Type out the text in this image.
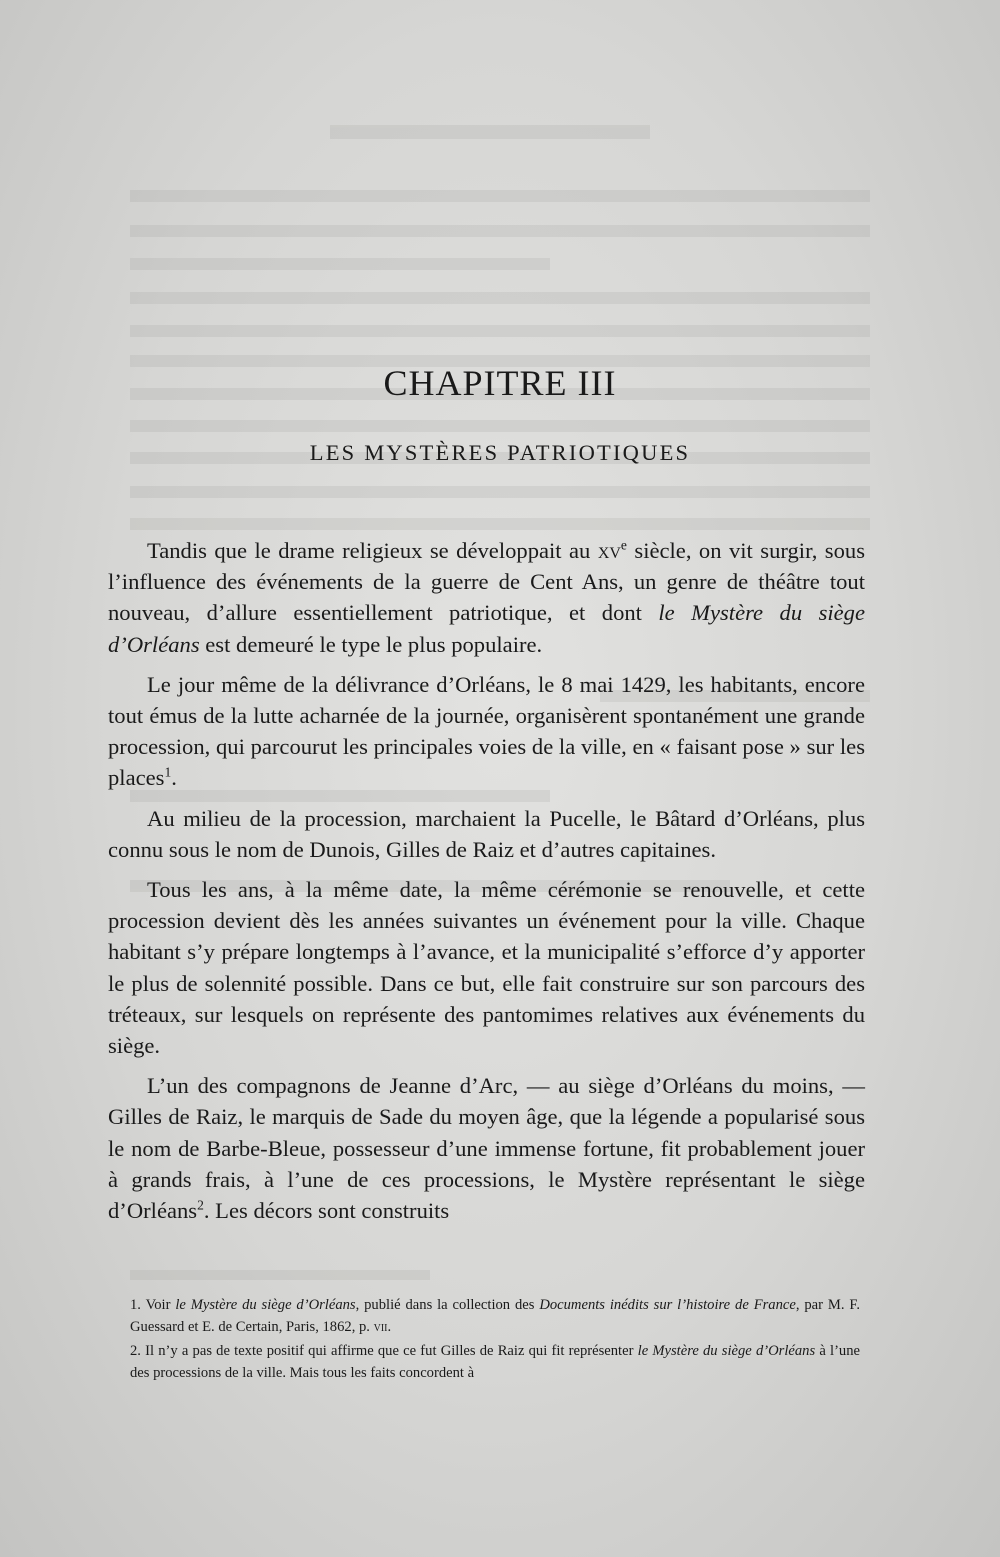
CHAPITRE III
LES MYSTÈRES PATRIOTIQUES

Tandis que le drame religieux se développait au $xv^e$ siècle, on vit surgir, sous l’influence des événements de la guerre de Cent Ans, un genre de théâtre tout nouveau, d’allure essentiellement patriotique, et dont le Mystère du siège d’Orléans est demeuré le type le plus populaire.

Le jour même de la délivrance d’Orléans, le 8 mai 1429, les habitants, encore tout émus de la lutte acharnée de la journée, organisèrent spontanément une grande procession, qui parcourut les principales voies de la ville, en « faisant pose » sur les places$^1$.

Au milieu de la procession, marchaient la Pucelle, le Bâtard d’Orléans, plus connu sous le nom de Dunois, Gilles de Raiz et d’autres capitaines.

Tous les ans, à la même date, la même cérémonie se renouvelle, et cette procession devient dès les années suivantes un événement pour la ville. Chaque habitant s’y prépare longtemps à l’avance, et la municipalité s’efforce d’y apporter le plus de solennité possible. Dans ce but, elle fait construire sur son parcours des tréteaux, sur lesquels on représente des pantomimes relatives aux événements du siège.

L’un des compagnons de Jeanne d’Arc, — au siège d’Orléans du moins, — Gilles de Raiz, le marquis de Sade du moyen âge, que la légende a popularisé sous le nom de Barbe-Bleue, possesseur d’une immense fortune, fit probablement jouer à grands frais, à l’une de ces processions, le Mystère représentant le siège d’Orléans$^2$. Les décors sont construits

1. Voir le Mystère du siège d’Orléans, publié dans la collection des Documents inédits sur l’histoire de France, par M. F. Guessard et E. de Certain, Paris, 1862, p. vii.

2. Il n’y a pas de texte positif qui affirme que ce fut Gilles de Raiz qui fit représenter le Mystère du siège d’Orléans à l’une des processions de la ville. Mais tous les faits concordent à
